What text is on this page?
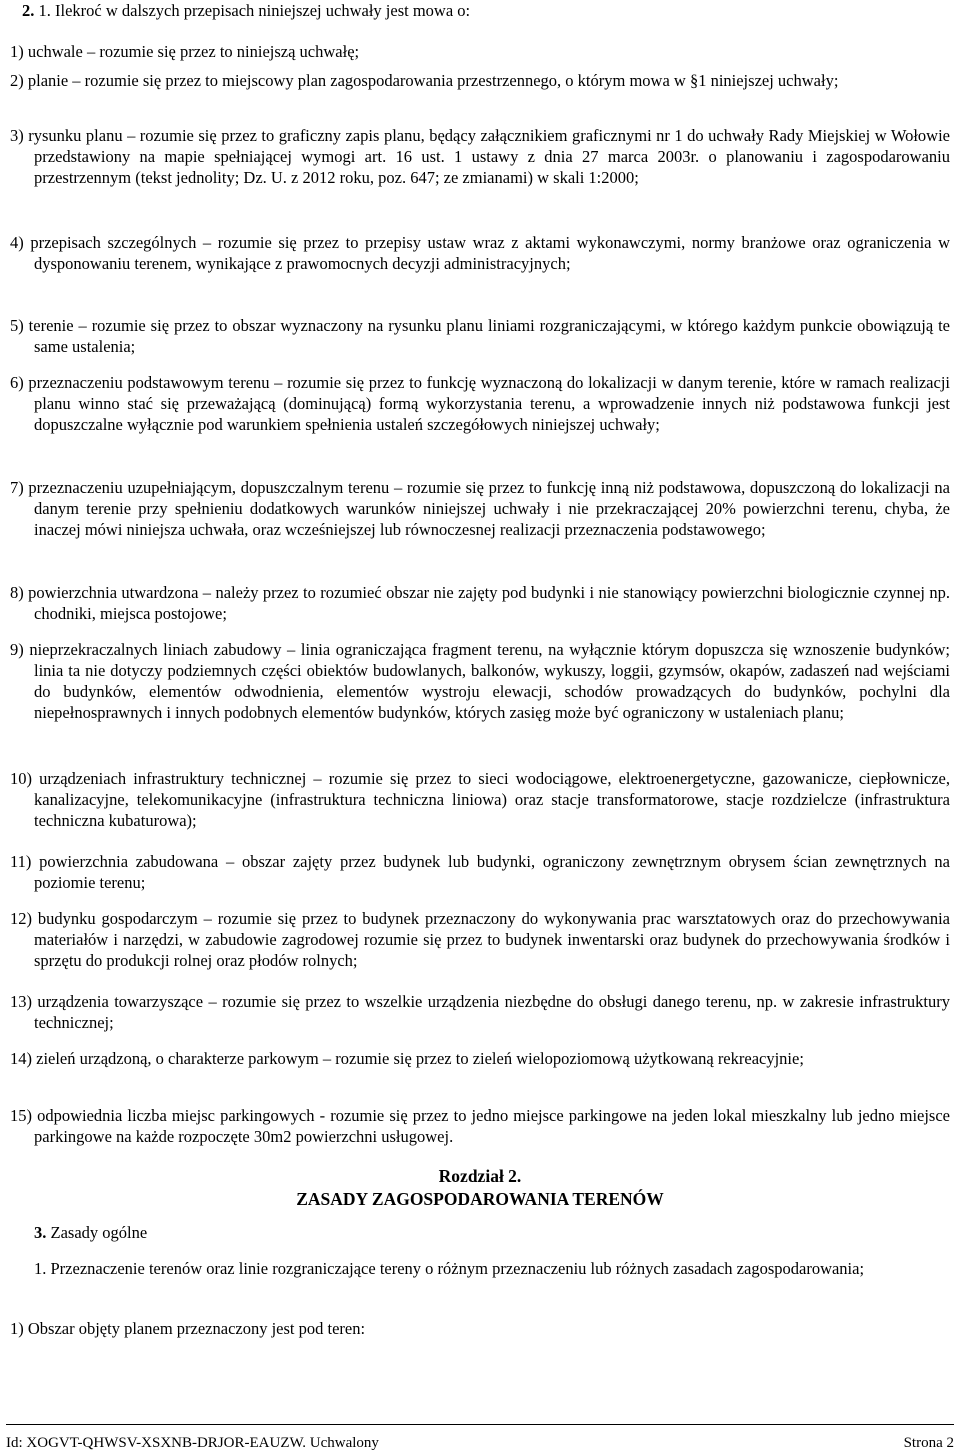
2. 1. Ilekroć w dalszych przepisach niniejszej uchwały jest mowa o:
1) uchwale – rozumie się przez to niniejszą uchwałę;
2) planie – rozumie się przez to miejscowy plan zagospodarowania przestrzennego, o którym mowa w §1 niniejszej uchwały;
3) rysunku planu – rozumie się przez to graficzny zapis planu, będący załącznikiem graficznymi nr 1 do uchwały Rady Miejskiej w Wołowie przedstawiony na mapie spełniającej wymogi art. 16 ust. 1 ustawy z dnia 27 marca 2003r. o planowaniu i zagospodarowaniu przestrzennym (tekst jednolity; Dz. U. z 2012 roku, poz. 647; ze zmianami) w skali 1:2000;
4) przepisach szczególnych – rozumie się przez to przepisy ustaw wraz z aktami wykonawczymi, normy branżowe oraz ograniczenia w dysponowaniu terenem, wynikające z prawomocnych decyzji administracyjnych;
5) terenie – rozumie się przez to obszar wyznaczony na rysunku planu liniami rozgraniczającymi, w którego każdym punkcie obowiązują te same ustalenia;
6) przeznaczeniu podstawowym terenu – rozumie się przez to funkcję wyznaczoną do lokalizacji w danym terenie, które w ramach realizacji planu winno stać się przeważającą (dominującą) formą wykorzystania terenu, a wprowadzenie innych niż podstawowa funkcji jest dopuszczalne wyłącznie pod warunkiem spełnienia ustaleń szczegółowych niniejszej uchwały;
7) przeznaczeniu uzupełniającym, dopuszczalnym terenu – rozumie się przez to funkcję inną niż podstawowa, dopuszczoną do lokalizacji na danym terenie przy spełnieniu dodatkowych warunków niniejszej uchwały i nie przekraczającej 20% powierzchni terenu, chyba, że inaczej mówi niniejsza uchwała, oraz wcześniejszej lub równoczesnej realizacji przeznaczenia podstawowego;
8) powierzchnia utwardzona – należy przez to rozumieć obszar nie zajęty pod budynki i nie stanowiący powierzchni biologicznie czynnej np. chodniki, miejsca postojowe;
9) nieprzekraczalnych liniach zabudowy – linia ograniczająca fragment terenu, na wyłącznie którym dopuszcza się wznoszenie budynków; linia ta nie dotyczy podziemnych części obiektów budowlanych, balkonów, wykuszy, loggii, gzymsów, okapów, zadaszeń nad wejściami do budynków, elementów odwodnienia, elementów wystroju elewacji, schodów prowadzących do budynków, pochylni dla niepełnosprawnych i innych podobnych elementów budynków, których zasięg może być ograniczony w ustaleniach planu;
10) urządzeniach infrastruktury technicznej – rozumie się przez to sieci wodociągowe, elektroenergetyczne, gazowanicze, ciepłownicze, kanalizacyjne, telekomunikacyjne (infrastruktura techniczna liniowa) oraz stacje transformatorowe, stacje rozdzielcze (infrastruktura techniczna kubaturowa);
11) powierzchnia zabudowana – obszar zajęty przez budynek lub budynki, ograniczony zewnętrznym obrysem ścian zewnętrznych na poziomie terenu;
12) budynku gospodarczym – rozumie się przez to budynek przeznaczony do wykonywania prac warsztatowych oraz do przechowywania materiałów i narzędzi, w zabudowie zagrodowej rozumie się przez to budynek inwentarski oraz budynek do przechowywania środków i sprzętu do produkcji rolnej oraz płodów rolnych;
13) urządzenia towarzyszące – rozumie się przez to wszelkie urządzenia niezbędne do obsługi danego terenu, np. w zakresie infrastruktury technicznej;
14) zieleń urządzoną, o charakterze parkowym – rozumie się przez to zieleń wielopoziomową użytkowaną rekreacyjnie;
15) odpowiednia liczba miejsc parkingowych - rozumie się przez to jedno miejsce parkingowe na jeden lokal mieszkalny lub jedno miejsce parkingowe na każde rozpoczęte 30m2 powierzchni usługowej.
Rozdział 2.
ZASADY ZAGOSPODAROWANIA TERENÓW
3. Zasady ogólne
1. Przeznaczenie terenów oraz linie rozgraniczające tereny o różnym przeznaczeniu lub różnych zasadach zagospodarowania;
1) Obszar objęty planem przeznaczony jest pod teren:
Id: XOGVT-QHWSV-XSXNB-DRJOR-EAUZW. Uchwalony	Strona 2
